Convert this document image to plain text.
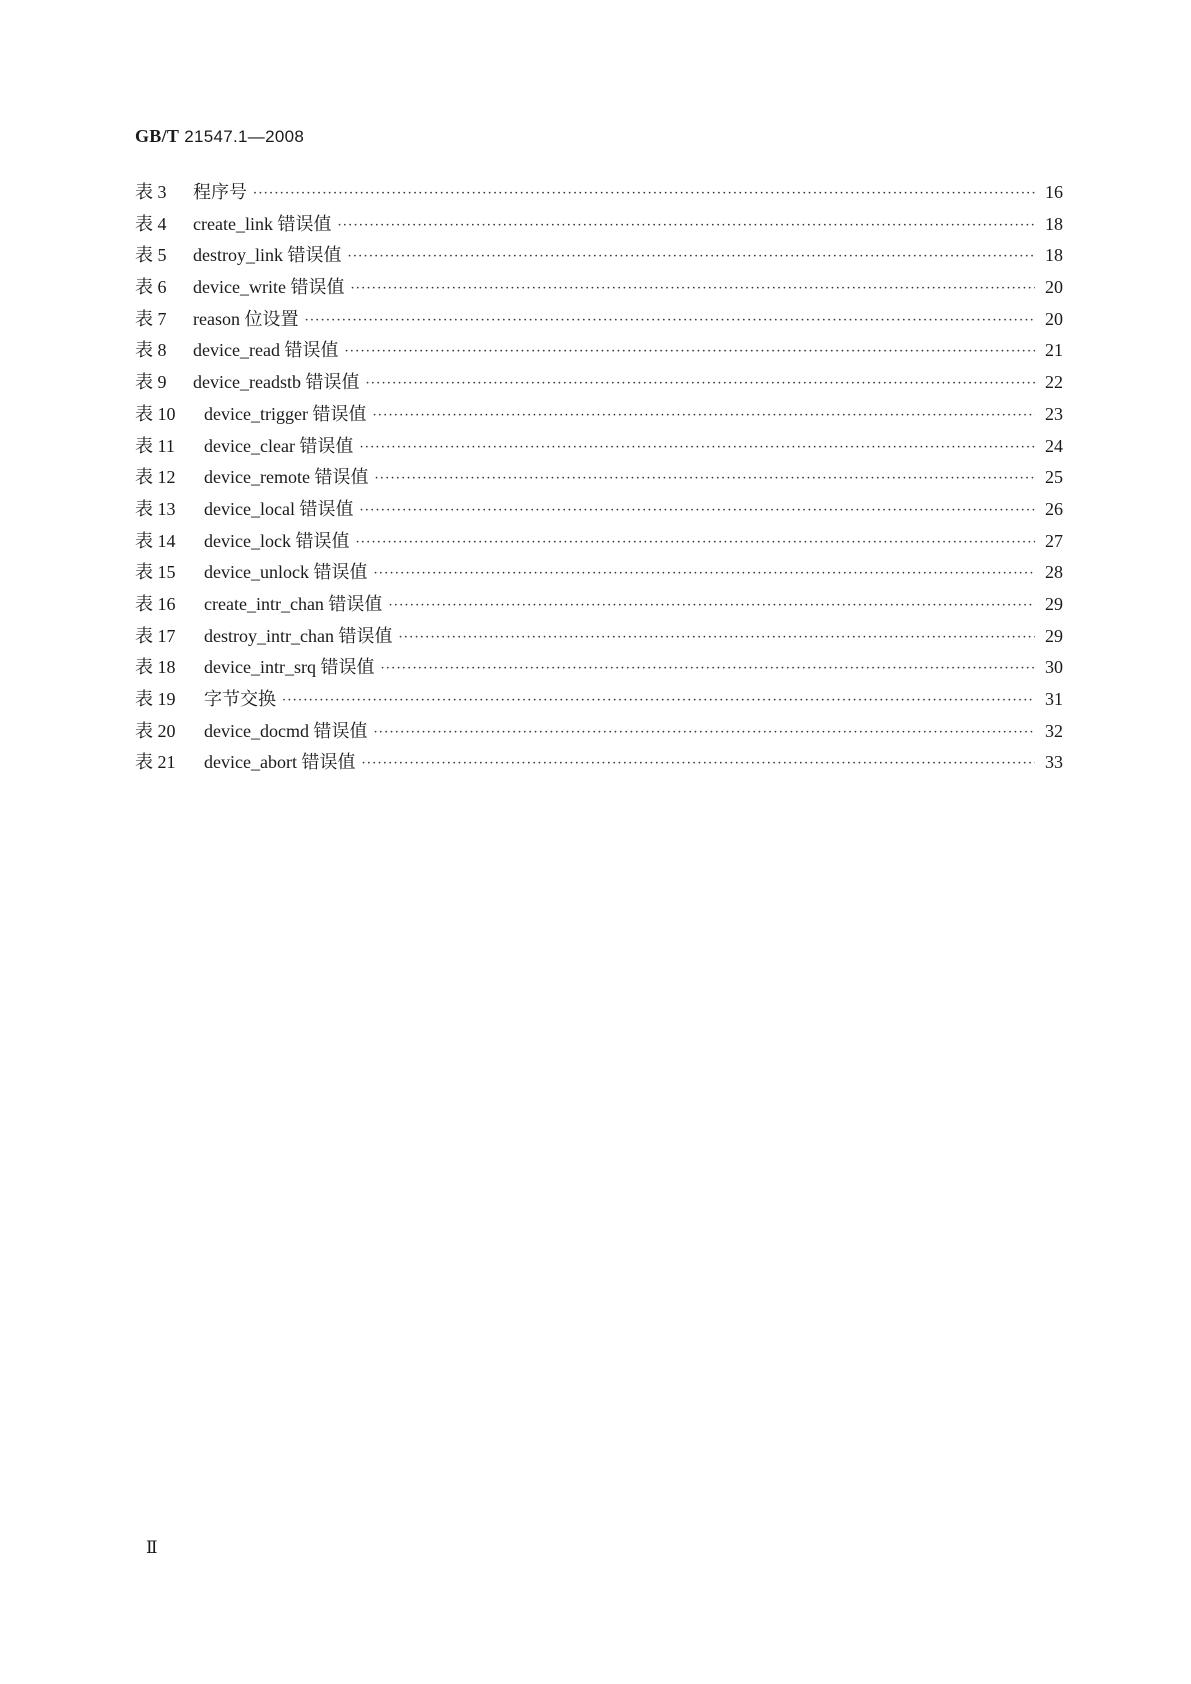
GB/T 21547.1—2008
表 3	程序号 ·····	16
表 4	create_link 错误值 ·····	18
表 5	destroy_link 错误值 ·····	18
表 6	device_write 错误值 ·····	20
表 7	reason 位设置 ·····	20
表 8	device_read 错误值 ·····	21
表 9	device_readstb 错误值 ·····	22
表 10	device_trigger 错误值 ·····	23
表 11	device_clear 错误值 ·····	24
表 12	device_remote 错误值 ·····	25
表 13	device_local 错误值 ·····	26
表 14	device_lock 错误值 ·····	27
表 15	device_unlock 错误值 ·····	28
表 16	create_intr_chan 错误值 ·····	29
表 17	destroy_intr_chan 错误值 ·····	29
表 18	device_intr_srq 错误值 ·····	30
表 19	字节交换 ·····	31
表 20	device_docmd 错误值 ·····	32
表 21	device_abort 错误值 ·····	33
Ⅱ
